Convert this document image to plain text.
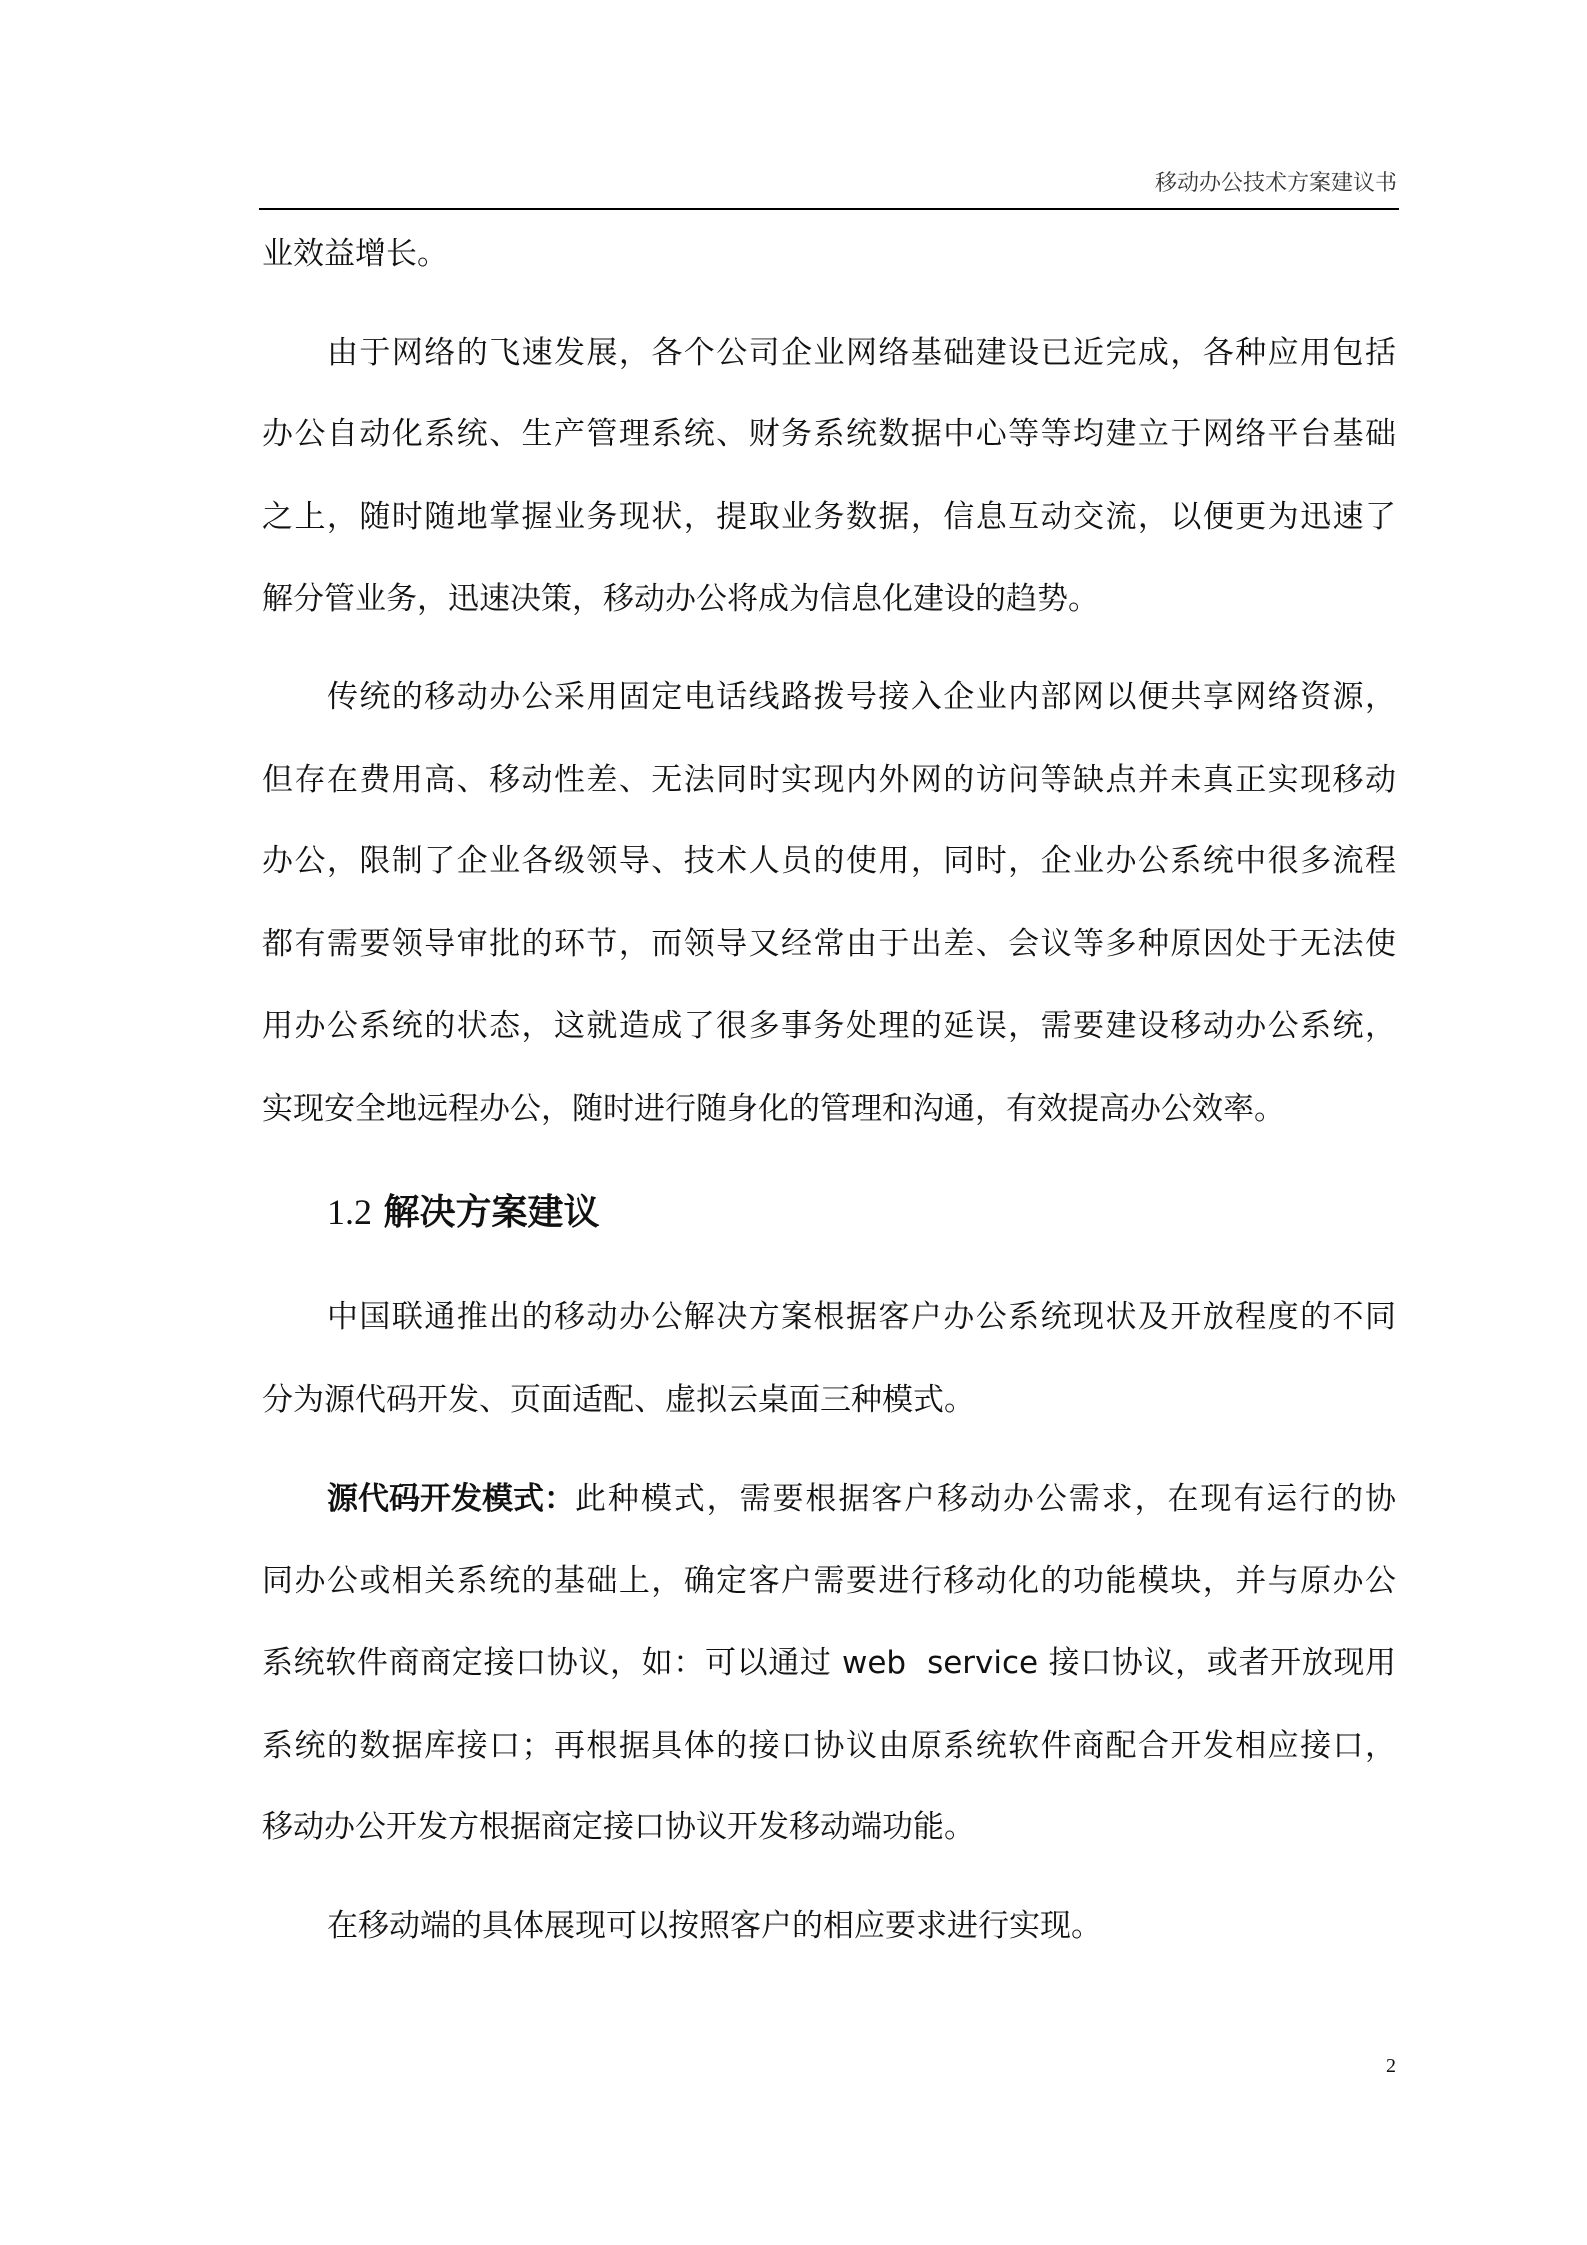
移动办公技术方案建议书
业效益增长。
由于网络的飞速发展，各个公司企业网络基础建设已近完成，各种应用包括
办公自动化系统、生产管理系统、财务系统数据中心等等均建立于网络平台基础
之上，随时随地掌握业务现状，提取业务数据，信息互动交流，以便更为迅速了
解分管业务，迅速决策，移动办公将成为信息化建设的趋势。
传统的移动办公采用固定电话线路拨号接入企业内部网以便共享网络资源，
但存在费用高、移动性差、无法同时实现内外网的访问等缺点并未真正实现移动
办公，限制了企业各级领导、技术人员的使用，同时，企业办公系统中很多流程
都有需要领导审批的环节，而领导又经常由于出差、会议等多种原因处于无法使
用办公系统的状态，这就造成了很多事务处理的延误，需要建设移动办公系统，
实现安全地远程办公，随时进行随身化的管理和沟通，有效提高办公效率。
1.2 解决方案建议
中国联通推出的移动办公解决方案根据客户办公系统现状及开放程度的不同
分为源代码开发、页面适配、虚拟云桌面三种模式。
源代码开发模式： 此种模式，需要根据客户移动办公需求，在现有运行的协
同办公或相关系统的基础上，确定客户需要进行移动化的功能模块，并与原办公
系统软件商商定接口协议，如：可以通过 web  service 接口协议，或者开放现用
系统的数据库接口；再根据具体的接口协议由原系统软件商配合开发相应接口，
移动办公开发方根据商定接口协议开发移动端功能。
在移动端的具体展现可以按照客户的相应要求进行实现。
2
